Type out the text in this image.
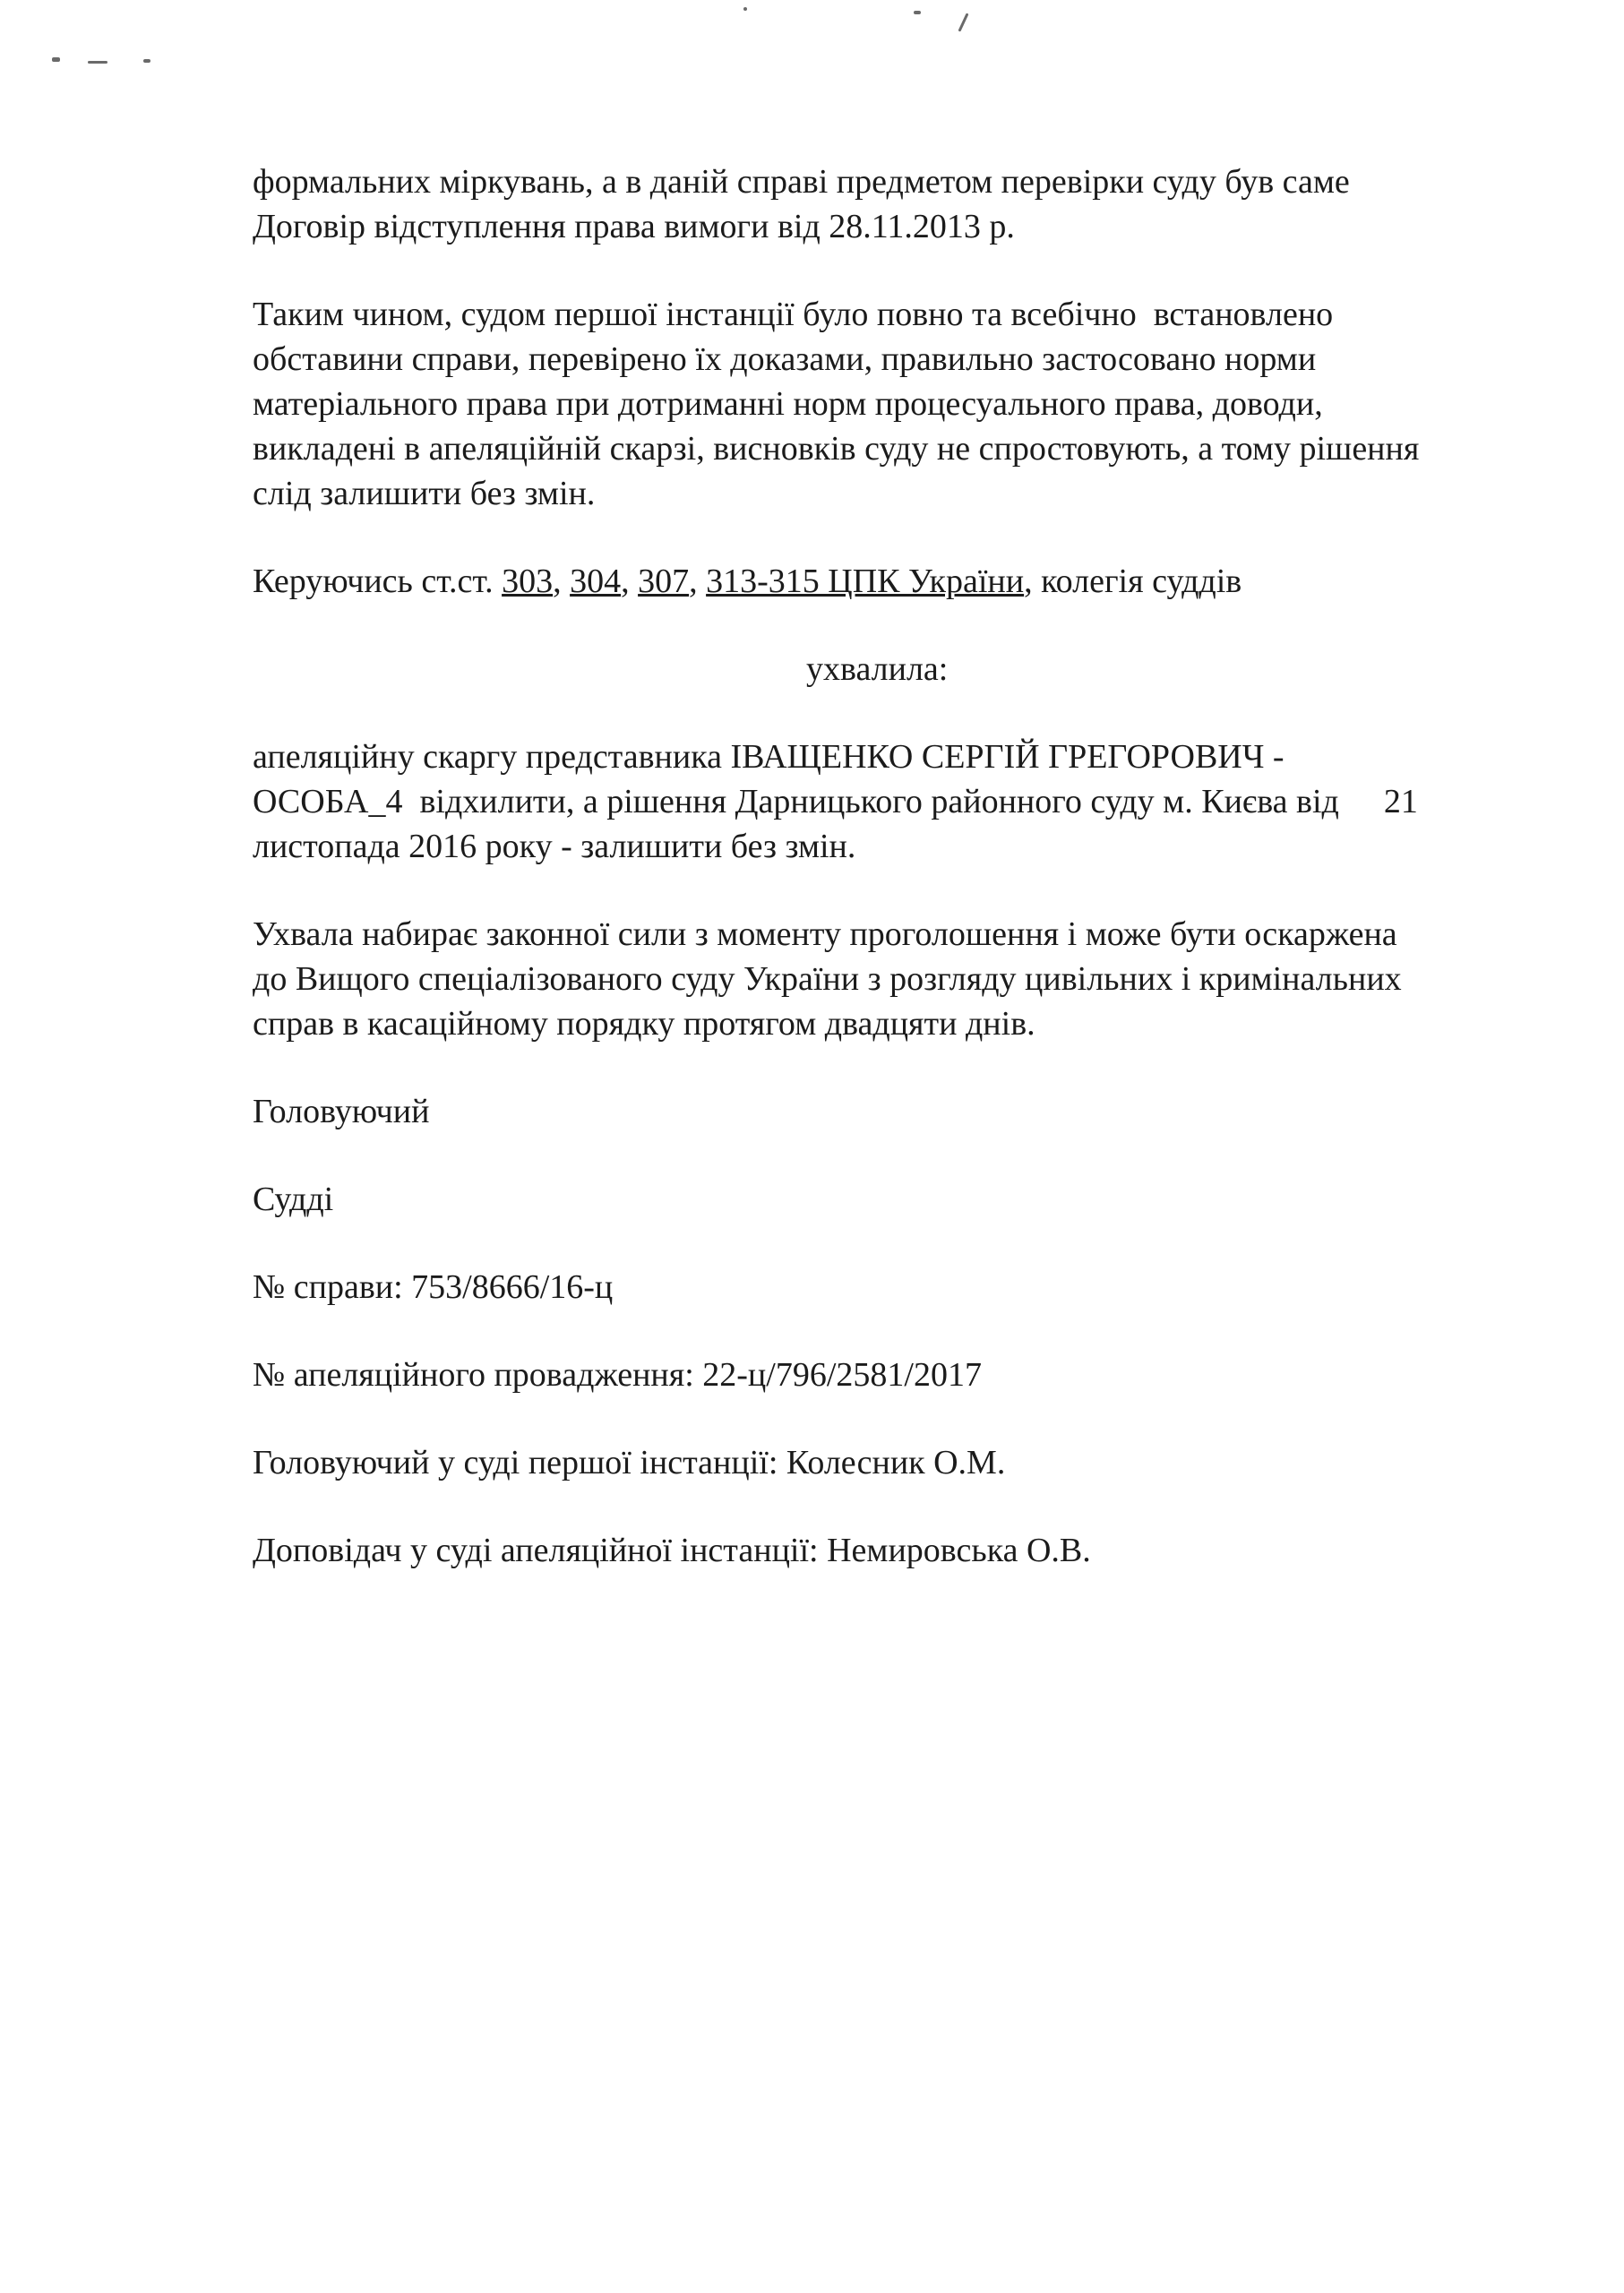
формальних міркувань, а в даній справі предметом перевірки суду був саме
Договір відступлення права вимоги від 28.11.2013 р.

Таким чином, судом першої інстанції було повно та всебічно  встановлено
обставини справи, перевірено їх доказами, правильно застосовано норми
матеріального права при дотриманні норм процесуального права, доводи,
викладені в апеляційній скарзі, висновків суду не спростовують, а тому рішення
слід залишити без змін.

Керуючись ст.ст. 303, 304, 307, 313-315 ЦПК України, колегія суддів

ухвалила:

апеляційну скаргу представника ІВАЩЕНКО СЕРГІЙ ГРЕГОРОВИЧ -
ОСОБА_4  відхилити, а рішення Дарницького районного суду м. Києва від 21
листопада 2016 року - залишити без змін.

Ухвала набирає законної сили з моменту проголошення і може бути оскаржена
до Вищого спеціалізованого суду України з розгляду цивільних і кримінальних
справ в касаційному порядку протягом двадцяти днів.

Головуючий

Судді

№ справи: 753/8666/16-ц

№ апеляційного провадження: 22-ц/796/2581/2017

Головуючий у суді першої інстанції: Колесник О.М.

Доповідач у суді апеляційної інстанції: Немировська О.В.
